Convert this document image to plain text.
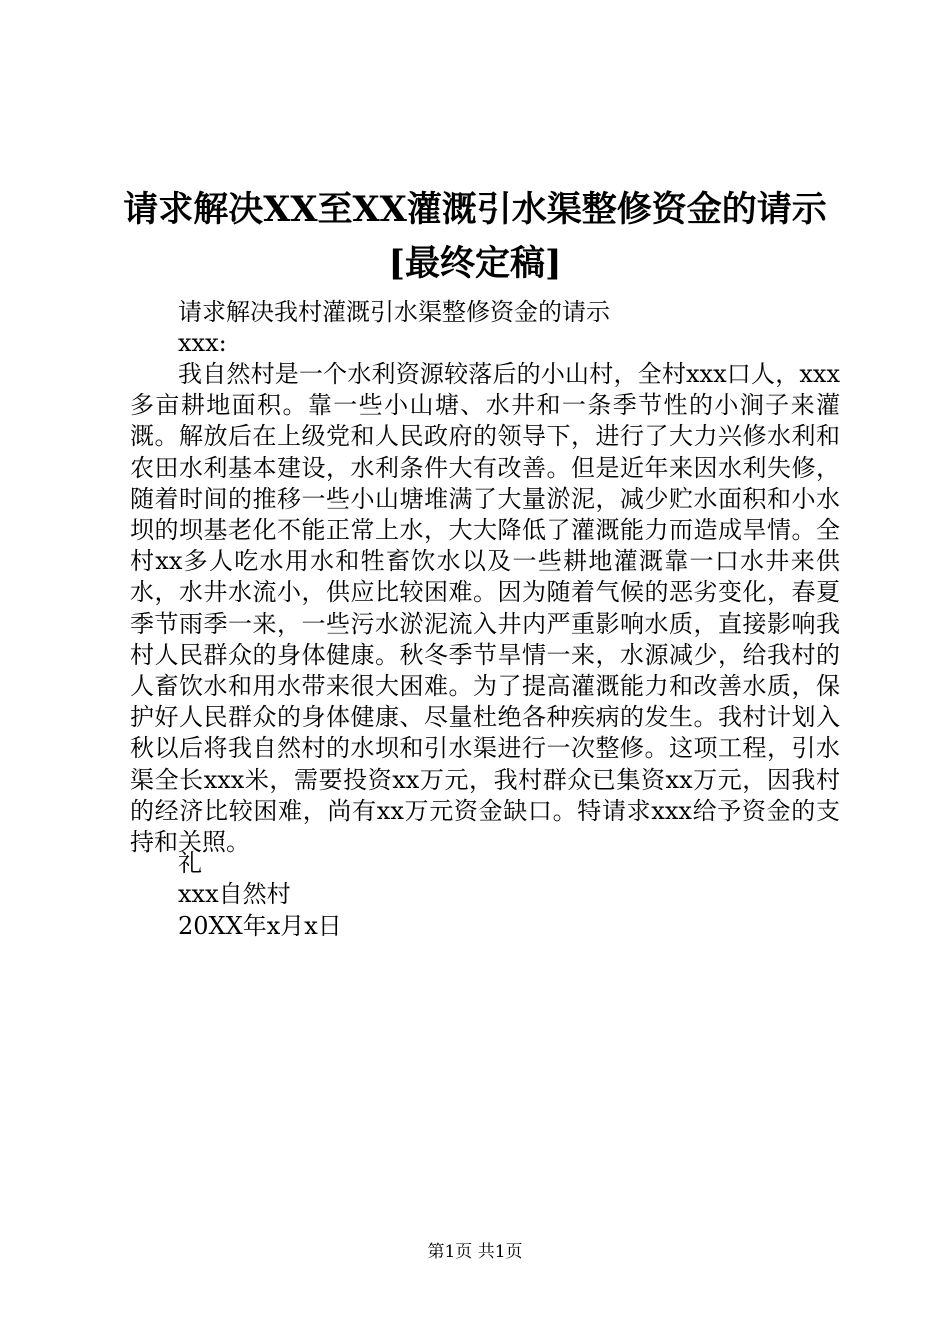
请求解决XX至XX灌溉引水渠整修资金的请示
[最终定稿]
请求解决我村灌溉引水渠整修资金的请示
xxx:
我自然村是一个水利资源较落后的小山村，全村xxx口人，xxx多亩耕地面积。靠一些小山塘、水井和一条季节性的小涧子来灌溉。解放后在上级党和人民政府的领导下，进行了大力兴修水利和农田水利基本建设，水利条件大有改善。但是近年来因水利失修，随着时间的推移一些小山塘堆满了大量淤泥，减少贮水面积和小水坝的坝基老化不能正常上水，大大降低了灌溉能力而造成旱情。全村xx多人吃水用水和牲畜饮水以及一些耕地灌溉靠一口水井来供水，水井水流小，供应比较困难。因为随着气候的恶劣变化，春夏季节雨季一来，一些污水淤泥流入井内严重影响水质，直接影响我村人民群众的身体健康。秋冬季节旱情一来，水源减少，给我村的人畜饮水和用水带来很大困难。为了提高灌溉能力和改善水质，保护好人民群众的身体健康、尽量杜绝各种疾病的发生。我村计划入秋以后将我自然村的水坝和引水渠进行一次整修。这项工程，引水渠全长xxx米，需要投资xx万元，我村群众已集资xx万元，因我村的经济比较困难，尚有xx万元资金缺口。特请求xxx给予资金的支持和关照。
礼
xxx自然村
20XX年x月x日
第1页 共1页
